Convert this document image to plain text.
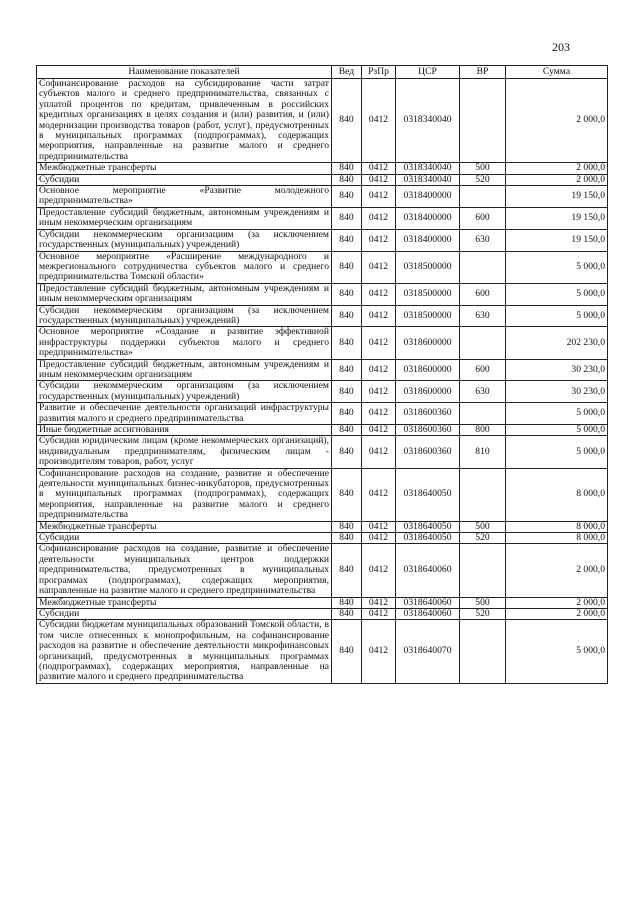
203
Наименование показателей	Вед	РзПр	ЦСР	ВР	Сумма
Софинансирование расходов на субсидирование части затрат субъектов малого и среднего предпринимательства, связанных с уплатой процентов по кредитам, привлеченным в российских кредитных организациях в целях создания и (или) развития, и (или) модернизации производства товаров (работ, услуг), предусмотренных в муниципальных программах (подпрограммах), содержащих мероприятия, направленные на развитие малого и среднего предпринимательства	840	0412	0318340040		2 000,0
Межбюджетные трансферты	840	0412	0318340040	500	2 000,0
Субсидии	840	0412	0318340040	520	2 000,0
Основное мероприятие «Развитие молодежного предпринимательства»	840	0412	0318400000		19 150,0
Предоставление субсидий бюджетным, автономным учреждениям и иным некоммерческим организациям	840	0412	0318400000	600	19 150,0
Субсидии некоммерческим организациям (за исключением государственных (муниципальных) учреждений)	840	0412	0318400000	630	19 150,0
Основное мероприятие «Расширение международного и межрегионального сотрудничества субъектов малого и среднего предпринимательства Томской области»	840	0412	0318500000		5 000,0
Предоставление субсидий бюджетным, автономным учреждениям и иным некоммерческим организациям	840	0412	0318500000	600	5 000,0
Субсидии некоммерческим организациям (за исключением государственных (муниципальных) учреждений)	840	0412	0318500000	630	5 000,0
Основное мероприятие «Создание и развитие эффективной инфраструктуры поддержки субъектов малого и среднего предпринимательства»	840	0412	0318600000		202 230,0
Предоставление субсидий бюджетным, автономным учреждениям и иным некоммерческим организациям	840	0412	0318600000	600	30 230,0
Субсидии некоммерческим организациям (за исключением государственных (муниципальных) учреждений)	840	0412	0318600000	630	30 230,0
Развитие и обеспечение деятельности организаций инфраструктуры развития малого и среднего предпринимательства	840	0412	0318600360		5 000,0
Иные бюджетные ассигнования	840	0412	0318600360	800	5 000,0
Субсидии юридическим лицам (кроме некоммерческих организаций), индивидуальным предпринимателям, физическим лицам - производителям товаров, работ, услуг	840	0412	0318600360	810	5 000,0
Софинансирование расходов на создание, развитие и обеспечение деятельности муниципальных бизнес-инкубаторов, предусмотренных в муниципальных программах (подпрограммах), содержащих мероприятия, направленные на развитие малого и среднего предпринимательства	840	0412	0318640050		8 000,0
Межбюджетные трансферты	840	0412	0318640050	500	8 000,0
Субсидии	840	0412	0318640050	520	8 000,0
Софинансирование расходов на создание, развитие и обеспечение деятельности муниципальных центров поддержки предпринимательства, предусмотренных в муниципальных программах (подпрограммах), содержащих мероприятия, направленные на развитие малого и среднего предпринимательства	840	0412	0318640060		2 000,0
Межбюджетные трансферты	840	0412	0318640060	500	2 000,0
Субсидии	840	0412	0318640060	520	2 000,0
Субсидии бюджетам муниципальных образований Томской области, в том числе отнесенных к монопрофильным, на софинансирование расходов на развитие и обеспечение деятельности микрофинансовых организаций, предусмотренных в муниципальных программах (подпрограммах), содержащих мероприятия, направленные на развитие малого и среднего предпринимательства	840	0412	0318640070		5 000,0
